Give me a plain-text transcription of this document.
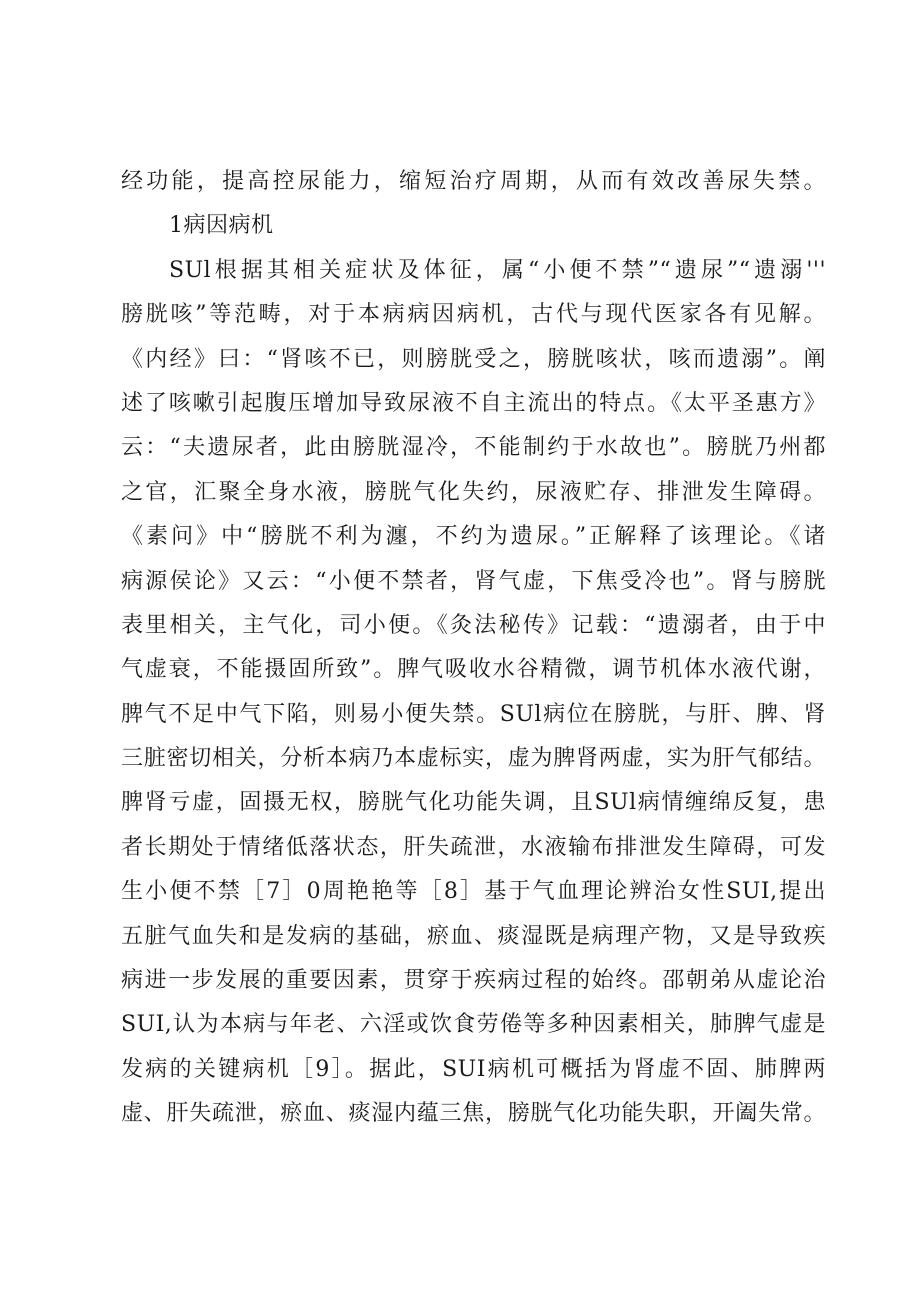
经功能，提高控尿能力，缩短治疗周期，从而有效改善尿失禁。
1病因病机
SUl根据其相关症状及体征，属“小便不禁”“遗尿”“遗溺'''
膀胱咳”等范畴，对于本病病因病机，古代与现代医家各有见解。
《内经》曰：“肾咳不已，则膀胱受之，膀胱咳状，咳而遗溺”。阐
述了咳嗽引起腹压增加导致尿液不自主流出的特点。《太平圣惠方》
云：“夫遗尿者，此由膀胱湿冷，不能制约于水故也”。膀胱乃州都
之官，汇聚全身水液，膀胱气化失约，尿液贮存、排泄发生障碍。
《素问》中“膀胱不利为瀍，不约为遗尿。”正解释了该理论。《诸
病源侯论》又云：“小便不禁者，肾气虚，下焦受冷也”。肾与膀胱
表里相关，主气化，司小便。《灸法秘传》记载：“遗溺者，由于中
气虚衰，不能摄固所致”。脾气吸收水谷精微，调节机体水液代谢，
脾气不足中气下陷，则易小便失禁。SUl病位在膀胱，与肝、脾、肾
三脏密切相关，分析本病乃本虚标实，虚为脾肾两虚，实为肝气郁结。
脾肾亏虚，固摄无权，膀胱气化功能失调，且SUl病情缠绵反复，患
者长期处于情绪低落状态，肝失疏泄，水液输布排泄发生障碍，可发
生小便不禁［7］0周艳艳等［8］基于气血理论辨治女性SUI,提出
五脏气血失和是发病的基础，瘀血、痰湿既是病理产物，又是导致疾
病进一步发展的重要因素，贯穿于疾病过程的始终。邵朝弟从虚论治
SUI,认为本病与年老、六淫或饮食劳倦等多种因素相关，肺脾气虚是
发病的关键病机［9］。据此，SUI病机可概括为肾虚不固、肺脾两
虚、肝失疏泄，瘀血、痰湿内蕴三焦，膀胱气化功能失职，开阖失常。
